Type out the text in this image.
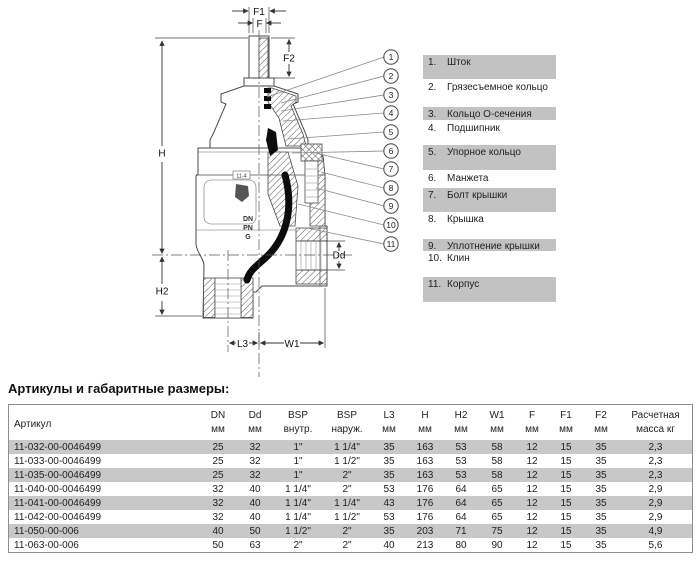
11-4
DN
PN
G
F1
F
F2
H
H2
Dd
L3	W1
1
2
3
4
5
6
7
8
9
10
11
1.	Шток
2.	Грязесъемное кольцо
3.	Кольцо О-сечения
4.	Подшипник
5.	Упорное кольцо
6.	Манжета
7.	Болт крышки
8.	Крышка
9.	Уплотнение крышки
10. Клин
11. Корпус
Артикулы и габаритные размеры:
Артикул	DN	Dd	BSP	BSP	L3	H	H2	W1	F	F1	F2	Расчетная
	мм	мм	внутр.	наруж.	мм	мм	мм	мм	мм	мм	мм	масса кг
11-032-00-0046499	25	32	1"	1 1/4"	35	163	53	58	12	15	35	2,3
11-033-00-0046499	25	32	1"	1 1/2"	35	163	53	58	12	15	35	2,3
11-035-00-0046499	25	32	1"	2"	35	163	53	58	12	15	35	2,3
11-040-00-0046499	32	40	1 1/4"	2"	53	176	64	65	12	15	35	2,9
11-041-00-0046499	32	40	1 1/4"	1 1/4"	43	176	64	65	12	15	35	2,9
11-042-00-0046499	32	40	1 1/4"	1 1/2"	53	176	64	65	12	15	35	2,9
11-050-00-006	40	50	1 1/2"	2"	35	203	71	75	12	15	35	4,9
11-063-00-006	50	63	2"	2"	40	213	80	90	12	15	35	5,6
